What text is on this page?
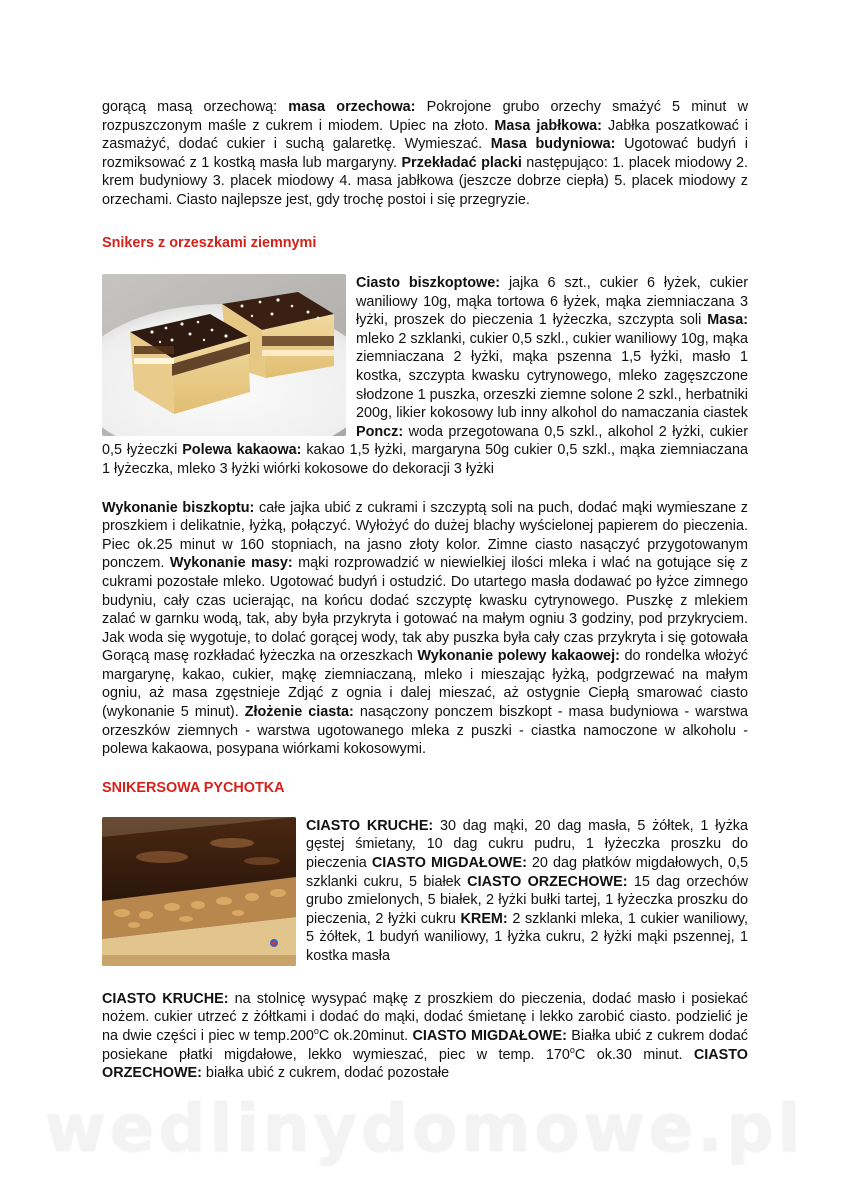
gorącą masą orzechową: masa orzechowa: Pokrojone grubo orzechy smażyć 5 minut w rozpuszczonym maśle z cukrem i miodem. Upiec na złoto. Masa jabłkowa: Jabłka poszatkować i zasmażyć, dodać cukier i suchą galaretkę. Wymieszać. Masa budyniowa: Ugotować budyń i rozmiksować z 1 kostką masła lub margaryny. Przekładać placki następująco: 1. placek miodowy 2. krem budyniowy 3. placek miodowy 4. masa jabłkowa (jeszcze dobrze ciepła) 5. placek miodowy z orzechami. Ciasto najlepsze jest, gdy trochę postoi i się przegryzie.

Snikers z orzeszkami ziemnymi

Ciasto biszkoptowe: jajka 6 szt., cukier 6 łyżek, cukier waniliowy 10g, mąka tortowa 6 łyżek, mąka ziemniaczana 3 łyżki, proszek do pieczenia 1 łyżeczka, szczypta soli Masa: mleko 2 szklanki, cukier 0,5 szkl., cukier waniliowy 10g, mąka ziemniaczana 2 łyżki, mąka pszenna 1,5 łyżki, masło 1 kostka, szczypta kwasku cytrynowego, mleko zagęszczone słodzone 1 puszka, orzeszki ziemne solone 2 szkl., herbatniki 200g, likier kokosowy lub inny alkohol do namaczania ciastek Poncz: woda przegotowana 0,5 szkl., alkohol 2 łyżki, cukier 0,5 łyżeczki Polewa kakaowa: kakao 1,5 łyżki, margaryna 50g cukier 0,5 szkl., mąka ziemniaczana 1 łyżeczka, mleko 3 łyżki wiórki kokosowe do dekoracji 3 łyżki

Wykonanie biszkoptu: całe jajka ubić z cukrami i szczyptą soli na puch, dodać mąki wymieszane z proszkiem i delikatnie, łyżką, połączyć. Wyłożyć do dużej blachy wyścielonej papierem do pieczenia. Piec ok.25 minut w 160 stopniach, na jasno złoty kolor. Zimne ciasto nasączyć przygotowanym ponczem. Wykonanie masy: mąki rozprowadzić w niewielkiej ilości mleka i wlać na gotujące się z cukrami pozostałe mleko. Ugotować budyń i ostudzić. Do utartego masła dodawać po łyżce zimnego budyniu, cały czas ucierając, na końcu dodać szczyptę kwasku cytrynowego. Puszkę z mlekiem zalać w garnku wodą, tak, aby była przykryta i gotować na małym ogniu 3 godziny, pod przykryciem. Jak woda się wygotuje, to dolać gorącej wody, tak aby puszka była cały czas przykryta i się gotowała Gorącą masę rozkładać łyżeczka na orzeszkach Wykonanie polewy kakaowej: do rondelka włożyć margarynę, kakao, cukier, mąkę ziemniaczaną, mleko i mieszając łyżką, podgrzewać na małym ogniu, aż masa zgęstnieje Zdjąć z ognia i dalej mieszać, aż ostygnie Ciepłą smarować ciasto (wykonanie 5 minut). Złożenie ciasta: nasączony ponczem biszkopt - masa budyniowa - warstwa orzeszków ziemnych - warstwa ugotowanego mleka z puszki - ciastka namoczone w alkoholu - polewa kakaowa, posypana wiórkami kokosowymi.

SNIKERSOWA PYCHOTKA

CIASTO KRUCHE: 30 dag mąki, 20 dag masła, 5 żółtek, 1 łyżka gęstej śmietany, 10 dag cukru pudru, 1 łyżeczka proszku do pieczenia CIASTO MIGDAŁOWE: 20 dag płatków migdałowych, 0,5 szklanki cukru, 5 białek CIASTO ORZECHOWE: 15 dag orzechów grubo zmielonych, 5 białek, 2 łyżki bułki tartej, 1 łyżeczka proszku do pieczenia, 2 łyżki cukru KREM: 2 szklanki mleka, 1 cukier waniliowy, 5 żółtek, 1 budyń waniliowy, 1 łyżka cukru, 2 łyżki mąki pszennej, 1 kostka masła

CIASTO KRUCHE: na stolnicę wysypać mąkę z proszkiem do pieczenia, dodać masło i posiekać nożem. cukier utrzeć z żółtkami i dodać do mąki, dodać śmietanę i lekko zarobić ciasto. podzielić je na dwie części i piec w temp.200$^o$C ok.20minut. CIASTO MIGDAŁOWE: Białka ubić z cukrem dodać posiekane płatki migdałowe, lekko wymieszać, piec w temp. 170$^o$C ok.30 minut. CIASTO ORZECHOWE: białka ubić z cukrem, dodać pozostałe

wedlinydomowe.pl
